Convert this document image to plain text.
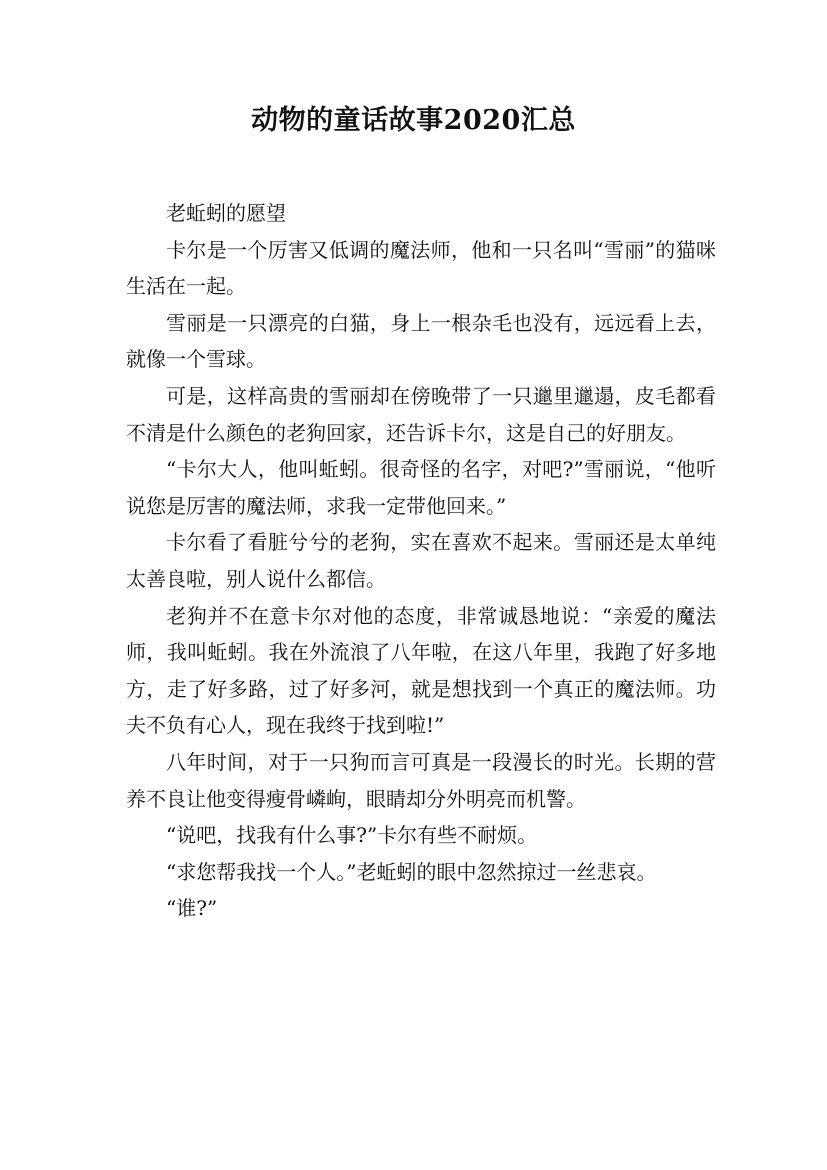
动物的童话故事2020汇总

老蚯蚓的愿望

卡尔是一个厉害又低调的魔法师，他和一只名叫“雪丽”的猫咪生活在一起。

雪丽是一只漂亮的白猫，身上一根杂毛也没有，远远看上去，就像一个雪球。

可是，这样高贵的雪丽却在傍晚带了一只邋里邋遢，皮毛都看不清是什么颜色的老狗回家，还告诉卡尔，这是自己的好朋友。

“卡尔大人，他叫蚯蚓。很奇怪的名字，对吧?”雪丽说，“他听说您是厉害的魔法师，求我一定带他回来。”

卡尔看了看脏兮兮的老狗，实在喜欢不起来。雪丽还是太单纯太善良啦，别人说什么都信。

老狗并不在意卡尔对他的态度，非常诚恳地说：“亲爱的魔法师，我叫蚯蚓。我在外流浪了八年啦，在这八年里，我跑了好多地方，走了好多路，过了好多河，就是想找到一个真正的魔法师。功夫不负有心人，现在我终于找到啦!”

八年时间，对于一只狗而言可真是一段漫长的时光。长期的营养不良让他变得瘦骨嶙峋，眼睛却分外明亮而机警。

“说吧，找我有什么事?”卡尔有些不耐烦。

“求您帮我找一个人。”老蚯蚓的眼中忽然掠过一丝悲哀。

“谁?”
